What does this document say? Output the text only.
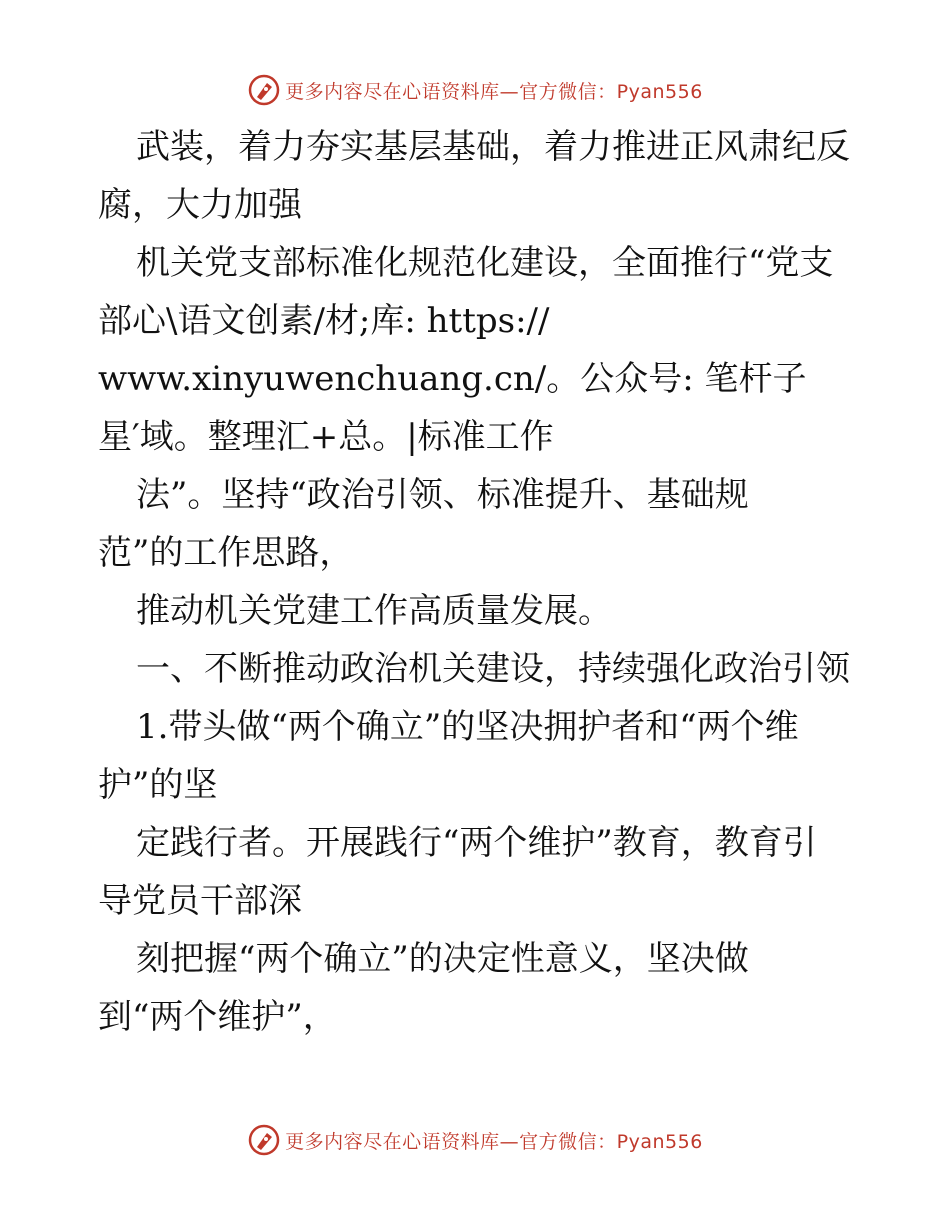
更多内容尽在心语资料库—官方微信：Pyan556
武装，着力夯实基层基础，着力推进正风肃纪反
腐，大力加强
机关党支部标准化规范化建设，全面推行“党支
部心\语文创素/材;库: https://
www.xinyuwenchuang.cn/。公众号: 笔杆子
星′域。整理汇+总。|标准工作
法”。坚持“政治引领、标准提升、基础规
范”的工作思路，
推动机关党建工作高质量发展。
一、不断推动政治机关建设，持续强化政治引领
1.带头做“两个确立”的坚决拥护者和“两个维
护”的坚
定践行者。开展践行“两个维护”教育，教育引
导党员干部深
刻把握“两个确立”的决定性意义，坚决做
到“两个维护”，
更多内容尽在心语资料库—官方微信：Pyan556
